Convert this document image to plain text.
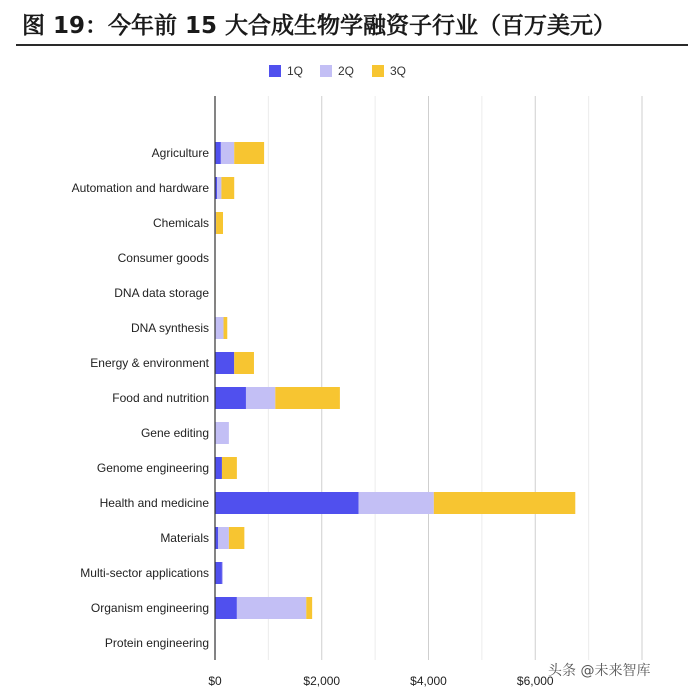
图 19：今年前 15 大合成生物学融资子行业（百万美元）
Agriculture
Automation and hardware
Chemicals
Consumer goods
DNA data storage
DNA synthesis
Energy & environment
Food and nutrition
Gene editing
Genome engineering
Health and medicine
Materials
Multi-sector applications
Organism engineering
Protein engineering
$0	$2,000	$4,000	$6,000
1Q	2Q	3Q
头条 @未来智库
